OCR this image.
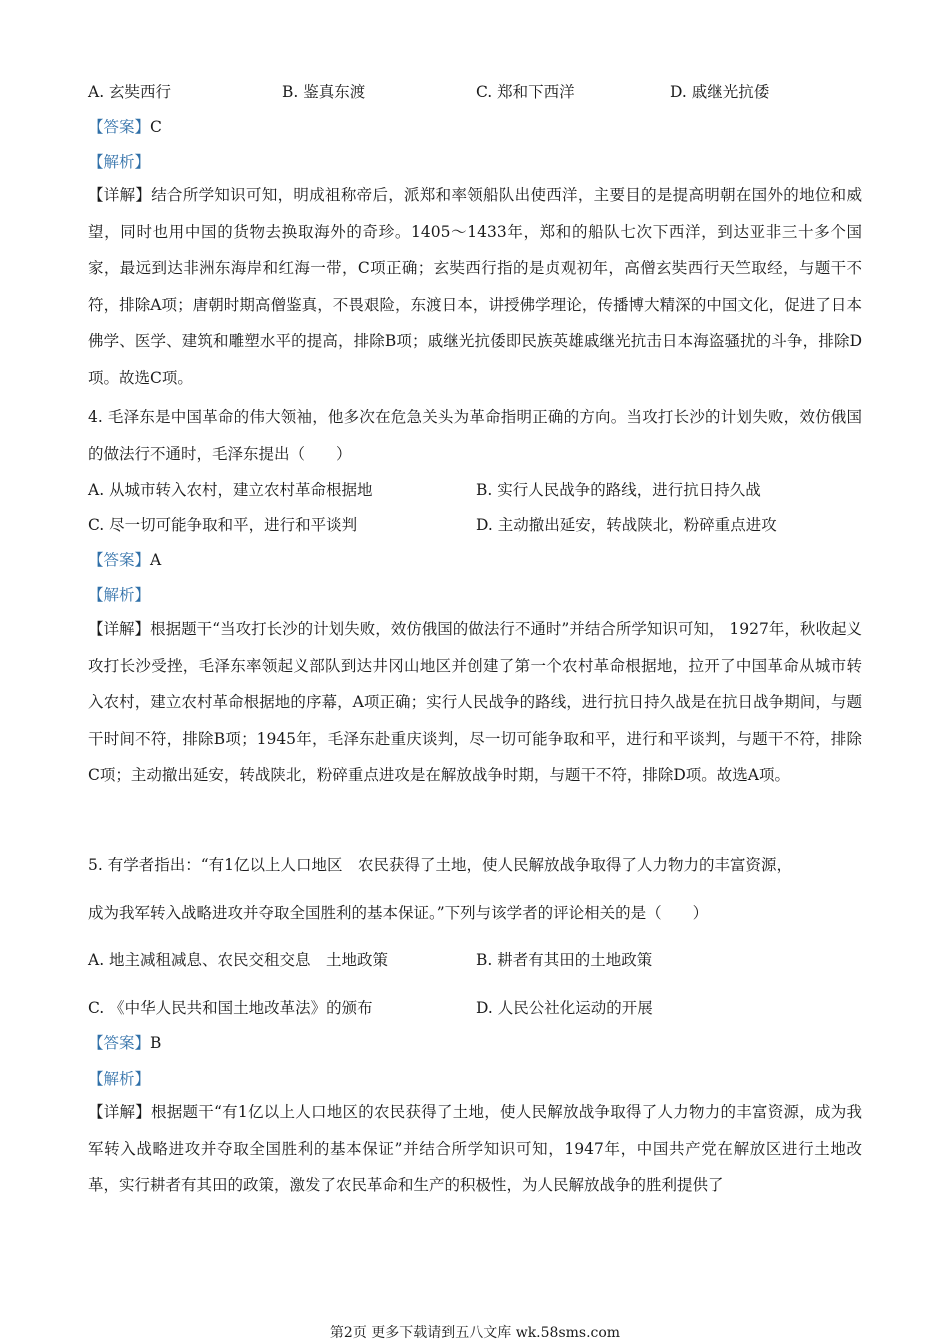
A. 玄奘西行	B. 鉴真东渡	C. 郑和下西洋	D. 戚继光抗倭
【答案】C
【解析】
【详解】结合所学知识可知，明成祖称帝后，派郑和率领船队出使西洋，主要目的是提高明朝在国外的地位和威望，同时也用中国的货物去换取海外的奇珍。1405～1433年，郑和的船队七次下西洋，到达亚非三十多个国家，最远到达非洲东海岸和红海一带，C项正确；玄奘西行指的是贞观初年，高僧玄奘西行天竺取经，与题干不符，排除A项；唐朝时期高僧鉴真，不畏艰险，东渡日本，讲授佛学理论，传播博大精深的中国文化，促进了日本佛学、医学、建筑和雕塑水平的提高，排除B项；戚继光抗倭即民族英雄戚继光抗击日本海盗骚扰的斗争，排除D项。故选C项。
4. 毛泽东是中国革命的伟大领袖，他多次在危急关头为革命指明正确的方向。当攻打长沙的计划失败，效仿俄国的做法行不通时，毛泽东提出（　　）
A. 从城市转入农村，建立农村革命根据地	B. 实行人民战争的路线，进行抗日持久战
C. 尽一切可能争取和平，进行和平谈判	D. 主动撤出延安，转战陕北，粉碎重点进攻
【答案】A
【解析】
【详解】根据题干“当攻打长沙的计划失败，效仿俄国的做法行不通时”并结合所学知识可知， 1927年，秋收起义攻打长沙受挫，毛泽东率领起义部队到达井冈山地区并创建了第一个农村革命根据地，拉开了中国革命从城市转入农村，建立农村革命根据地的序幕，A项正确；实行人民战争的路线，进行抗日持久战是在抗日战争期间，与题干时间不符，排除B项；1945年，毛泽东赴重庆谈判，尽一切可能争取和平，进行和平谈判，与题干不符，排除C项；主动撤出延安，转战陕北，粉碎重点进攻是在解放战争时期，与题干不符，排除D项。故选A项。
5. 有学者指出：“有1亿以上人口地区　农民获得了土地，使人民解放战争取得了人力物力的丰富资源，
成为我军转入战略进攻并夺取全国胜利的基本保证。”下列与该学者的评论相关的是（　　）
A. 地主减租减息、农民交租交息　土地政策	B. 耕者有其田的土地政策
C. 《中华人民共和国土地改革法》的颁布	D. 人民公社化运动的开展
【答案】B
【解析】
【详解】根据题干“有1亿以上人口地区的农民获得了土地，使人民解放战争取得了人力物力的丰富资源，成为我军转入战略进攻并夺取全国胜利的基本保证”并结合所学知识可知，1947年，中国共产党在解放区进行土地改革，实行耕者有其田的政策，激发了农民革命和生产的积极性，为人民解放战争的胜利提供了
第2页 更多下载请到五八文库 wk.58sms.com
